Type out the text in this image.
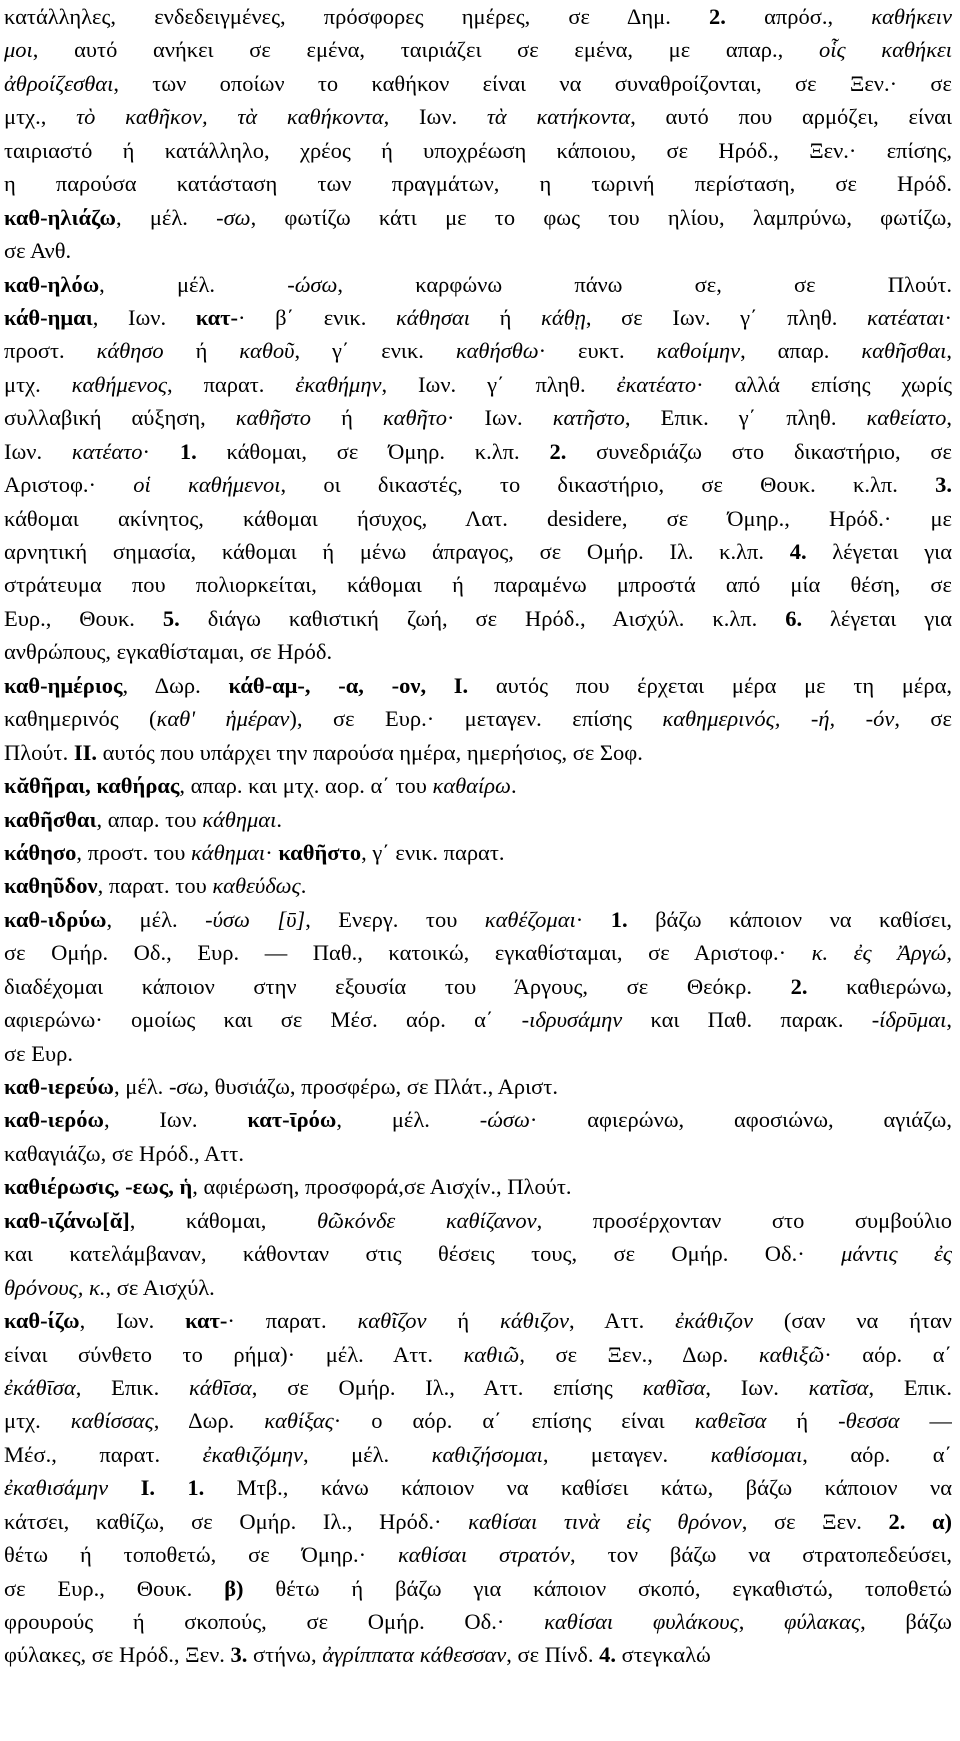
κατάλληλες, ενδεδειγμένες, πρόσφορες ημέρες, σε Δημ. 2. απρόσ., καθήκειν
μοι, αυτό ανήκει σε εμένα, ταιριάζει σε εμένα, με απαρ., οἷς καθήκει
ἀθροίζεσθαι, των οποίων το καθήκον είναι να συναθροίζονται, σε Ξεν.· σε
μτχ., τὸ καθῆκον, τὰ καθήκοντα, Ιων. τὰ κατήκοντα, αυτό που αρμόζει, είναι
ταιριαστό ή κατάλληλο, χρέος ή υποχρέωση κάποιου, σε Ηρόδ., Ξεν.· επίσης,
η παρούσα κατάσταση των πραγμάτων, η τωρινή περίσταση, σε Ηρόδ.
καθ-ηλιάζω, μέλ. -σω, φωτίζω κάτι με το φως του ηλίου, λαμπρύνω, φωτίζω,
σε Ανθ.
καθ-ηλόω, μέλ. -ώσω, καρφώνω πάνω σε, σε Πλούτ.
κάθ-ημαι, Ιων. κατ-· β΄ ενικ. κάθησαι ή κάθῃ, σε Ιων. γ΄ πληθ. κατέαται·
προστ. κάθησο ή καθοῦ, γ΄ ενικ. καθήσθω· ευκτ. καθοίμην, απαρ. καθῆσθαι,
μτχ. καθήμενος, παρατ. ἐκαθήμην, Ιων. γ΄ πληθ. ἐκατέατο· αλλά επίσης χωρίς
συλλαβική αύξηση, καθῆστο ή καθῆτο· Ιων. κατῆστο, Επικ. γ΄ πληθ. καθείατο,
Ιων. κατέατο· 1. κάθομαι, σε Όμηρ. κ.λπ. 2. συνεδριάζω στο δικαστήριο, σε
Αριστοφ.· οἱ καθήμενοι, οι δικαστές, το δικαστήριο, σε Θουκ. κ.λπ. 3.
κάθομαι ακίνητος, κάθομαι ήσυχος, Λατ. desidere, σε Όμηρ., Ηρόδ.· με
αρνητική σημασία, κάθομαι ή μένω άπραγος, σε Ομήρ. Ιλ. κ.λπ. 4. λέγεται για
στράτευμα που πολιορκείται, κάθομαι ή παραμένω μπροστά από μία θέση, σε
Ευρ., Θουκ. 5. διάγω καθιστική ζωή, σε Ηρόδ., Αισχύλ. κ.λπ. 6. λέγεται για
ανθρώπους, εγκαθίσταμαι, σε Ηρόδ.
καθ-ημέριος, Δωρ. κάθ-αμ-, -α, -ον, I. αυτός που έρχεται μέρα με τη μέρα,
καθημερινός (καθ' ἡμέραν), σε Ευρ.· μεταγεν. επίσης καθημερινός, -ή, -όν, σε
Πλούτ. II. αυτός που υπάρχει την παρούσα ημέρα, ημερήσιος, σε Σοφ.
κᾰθῆραι, καθήρας, απαρ. και μτχ. αορ. α΄ του καθαίρω.
καθῆσθαι, απαρ. του κάθημαι.
κάθησο, προστ. του κάθημαι· καθῆστο, γ΄ ενικ. παρατ.
καθηῦδον, παρατ. του καθεύδως.
καθ-ιδρύω, μέλ. -ύσω [ῡ], Ενεργ. του καθέζομαι· 1. βάζω κάποιον να καθίσει,
σε Ομήρ. Οδ., Ευρ. — Παθ., κατοικώ, εγκαθίσταμαι, σε Αριστοφ.· κ. ἐς Ἀργώ,
διαδέχομαι κάποιον στην εξουσία του Άργους, σε Θεόκρ. 2. καθιερώνω,
αφιερώνω· ομοίως και σε Μέσ. αόρ. α΄ -ιδρυσάμην και Παθ. παρακ. -ίδρῡμαι,
σε Ευρ.
καθ-ιερεύω, μέλ. -σω, θυσιάζω, προσφέρω, σε Πλάτ., Αριστ.
καθ-ιερόω, Ιων. κατ-ῑρόω, μέλ. -ώσω· αφιερώνω, αφοσιώνω, αγιάζω,
καθαγιάζω, σε Ηρόδ., Αττ.
καθιέρωσις, -εως, ἡ, αφιέρωση, προσφορά,σε Αισχίν., Πλούτ.
καθ-ιζάνω[ᾰ], κάθομαι, θῶκόνδε καθίζανον, προσέρχονταν στο συμβούλιο
και κατελάμβαναν, κάθονταν στις θέσεις τους, σε Ομήρ. Οδ.· μάντις ἐς
θρόνους, κ., σε Αισχύλ.
καθ-ίζω, Ιων. κατ-· παρατ. καθῖζον ή κάθιζον, Αττ. ἐκάθιζον (σαν να ήταν
είναι σύνθετο το ρήμα)· μέλ. Αττ. καθιῶ, σε Ξεν., Δωρ. καθιξῶ· αόρ. α΄
ἐκάθῑσα, Επικ. κάθῑσα, σε Ομήρ. Ιλ., Αττ. επίσης καθῖσα, Ιων. κατῖσα, Επικ.
μτχ. καθίσσας, Δωρ. καθίξας· ο αόρ. α΄ επίσης είναι καθεῖσα ή -θεσσα —
Μέσ., παρατ. ἐκαθιζόμην, μέλ. καθιζήσομαι, μεταγεν. καθίσομαι, αόρ. α΄
ἐκαθισάμην I. 1. Μτβ., κάνω κάποιον να καθίσει κάτω, βάζω κάποιον να
κάτσει, καθίζω, σε Ομήρ. Ιλ., Ηρόδ.· καθίσαι τινὰ εἰς θρόνον, σε Ξεν. 2. α)
θέτω ή τοποθετώ, σε Όμηρ.· καθίσαι στρατόν, τον βάζω να στρατοπεδεύσει,
σε Ευρ., Θουκ. β) θέτω ή βάζω για κάποιον σκοπό, εγκαθιστώ, τοποθετώ
φρουρούς ή σκοπούς, σε Ομήρ. Οδ.· καθίσαι φυλάκους, φύλακας, βάζω
φύλακες, σε Ηρόδ., Ξεν. 3. στήνω, ἀγρίππατα κάθεσσαν, σε Πίνδ. 4. στεγκαλώ
